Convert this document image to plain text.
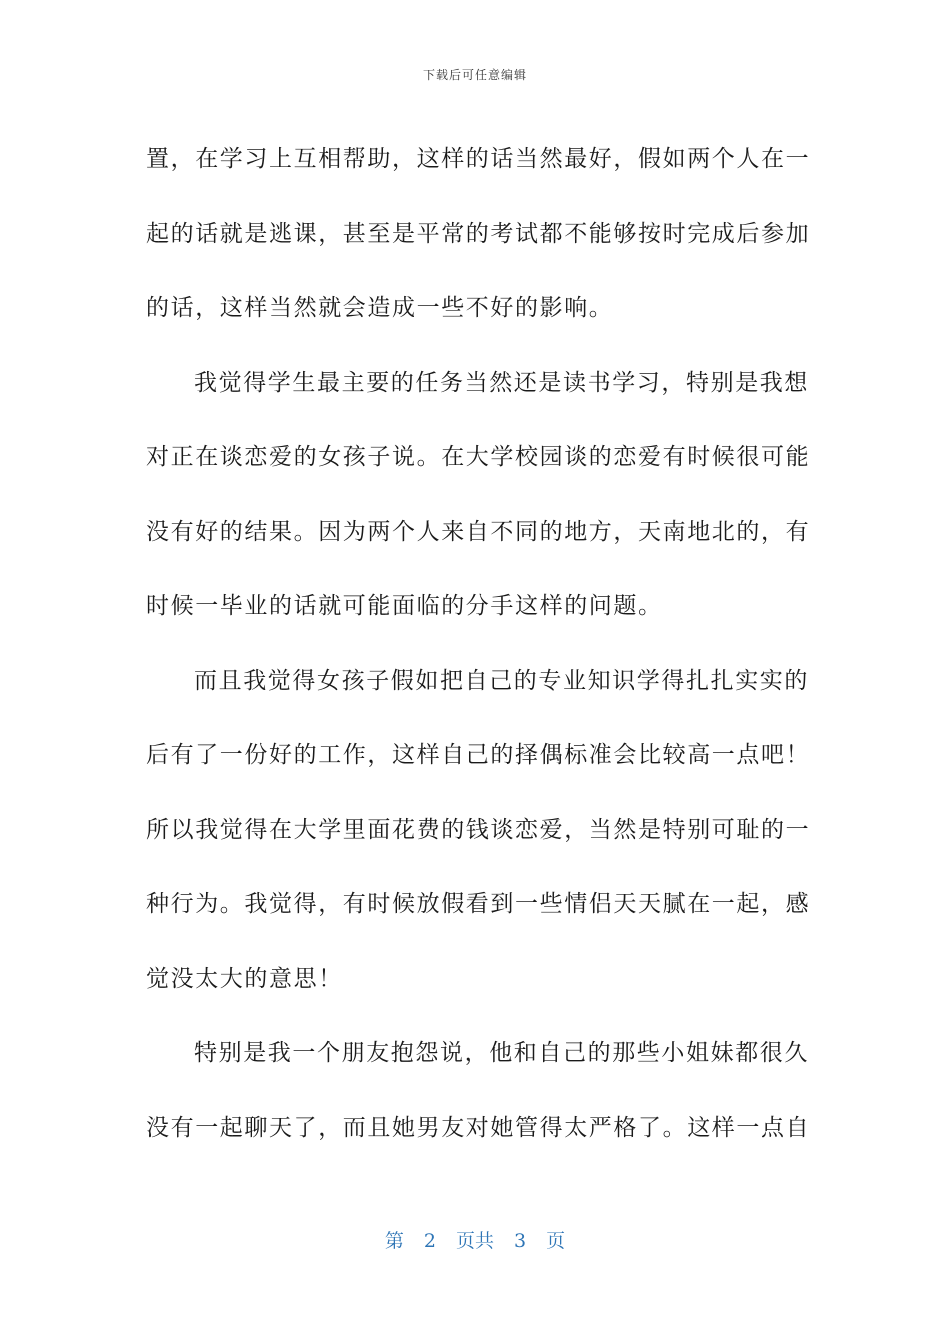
下载后可任意编辑
置，在学习上互相帮助，这样的话当然最好，假如两个人在一
起的话就是逃课，甚至是平常的考试都不能够按时完成后参加
的话，这样当然就会造成一些不好的影响。
我觉得学生最主要的任务当然还是读书学习，特别是我想
对正在谈恋爱的女孩子说。在大学校园谈的恋爱有时候很可能
没有好的结果。因为两个人来自不同的地方，天南地北的，有
时候一毕业的话就可能面临的分手这样的问题。
而且我觉得女孩子假如把自己的专业知识学得扎扎实实的
后有了一份好的工作，这样自己的择偶标准会比较高一点吧！
所以我觉得在大学里面花费的钱谈恋爱，当然是特别可耻的一
种行为。我觉得，有时候放假看到一些情侣天天腻在一起，感
觉没太大的意思！
特别是我一个朋友抱怨说，他和自己的那些小姐妹都很久
没有一起聊天了，而且她男友对她管得太严格了。这样一点自
第 2 页共 3 页
